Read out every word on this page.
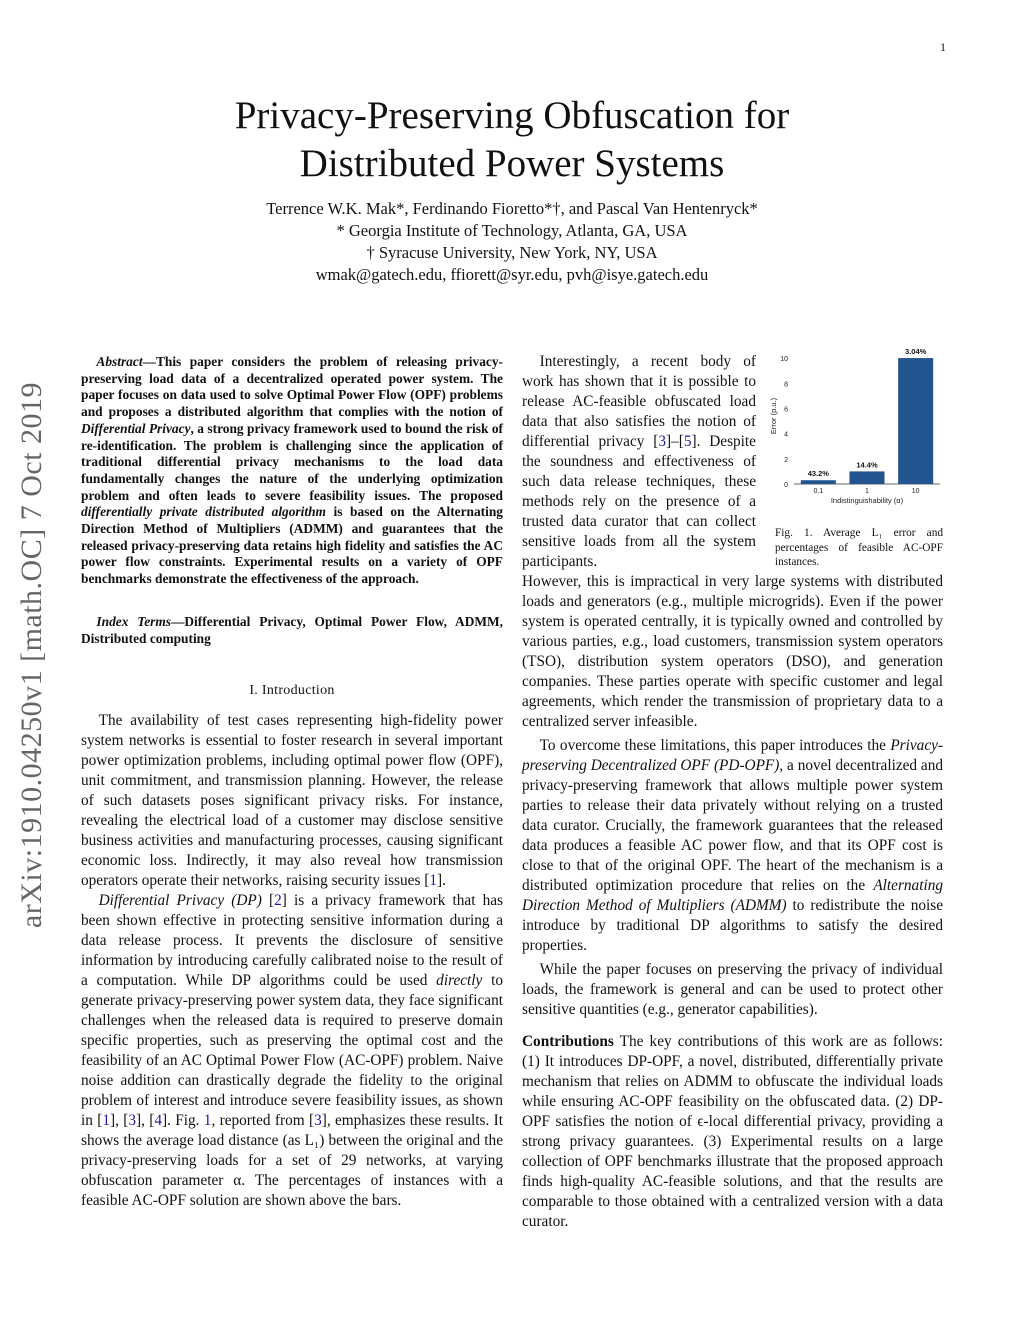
1
arXiv:1910.04250v1 [math.OC] 7 Oct 2019
Privacy-Preserving Obfuscation for
Distributed Power Systems
Terrence W.K. Mak*, Ferdinando Fioretto*†, and Pascal Van Hentenryck*
* Georgia Institute of Technology, Atlanta, GA, USA
† Syracuse University, New York, NY, USA
wmak@gatech.edu, ffiorett@syr.edu, pvh@isye.gatech.edu

Abstract—This paper considers the problem of releasing privacy-preserving load data of a decentralized operated power system. The paper focuses on data used to solve Optimal Power Flow (OPF) problems and proposes a distributed algorithm that complies with the notion of Differential Privacy, a strong privacy framework used to bound the risk of re-identification. The problem is challenging since the application of traditional differential privacy mechanisms to the load data fundamentally changes the nature of the underlying optimization problem and often leads to severe feasibility issues. The proposed differentially private distributed algorithm is based on the Alternating Direction Method of Multipliers (ADMM) and guarantees that the released privacy-preserving data retains high fidelity and satisfies the AC power flow constraints. Experimental results on a variety of OPF benchmarks demonstrate the effectiveness of the approach.

Index Terms—Differential Privacy, Optimal Power Flow, ADMM, Distributed computing

I. Introduction

The availability of test cases representing high-fidelity power system networks is essential to foster research in several important power optimization problems, including optimal power flow (OPF), unit commitment, and transmission planning. However, the release of such datasets poses significant privacy risks. For instance, revealing the electrical load of a customer may disclose sensitive business activities and manufacturing processes, causing significant economic loss. Indirectly, it may also reveal how transmission operators operate their networks, raising security issues [1].

Differential Privacy (DP) [2] is a privacy framework that has been shown effective in protecting sensitive information during a data release process. It prevents the disclosure of sensitive information by introducing carefully calibrated noise to the result of a computation. While DP algorithms could be used directly to generate privacy-preserving power system data, they face significant challenges when the released data is required to preserve domain specific properties, such as preserving the optimal cost and the feasibility of an AC Optimal Power Flow (AC-OPF) problem. Naive noise addition can drastically degrade the fidelity to the original problem of interest and introduce severe feasibility issues, as shown in [1], [3], [4]. Fig. 1, reported from [3], emphasizes these results. It shows the average load distance (as L₁) between the original and the privacy-preserving loads for a set of 29 networks, at varying obfuscation parameter α. The percentages of instances with a feasible AC-OPF solution are shown above the bars.

Interestingly, a recent body of work has shown that it is possible to release AC-feasible obfuscated load data that also satisfies the notion of differential privacy [3]–[5]. Despite the soundness and effectiveness of such data release techniques, these methods rely on the presence of a trusted data curator that can collect sensitive loads from all the system participants.

However, this is impractical in very large systems with distributed loads and generators (e.g., multiple microgrids). Even if the power system is operated centrally, it is typically owned and controlled by various parties, e.g., load customers, transmission system operators (TSO), distribution system operators (DSO), and generation companies. These parties operate with specific customer and legal agreements, which render the transmission of proprietary data to a centralized server infeasible.

To overcome these limitations, this paper introduces the Privacy-preserving Decentralized OPF (PD-OPF), a novel decentralized and privacy-preserving framework that allows multiple power system parties to release their data privately without relying on a trusted data curator. Crucially, the framework guarantees that the released data produces a feasible AC power flow, and that its OPF cost is close to that of the original OPF. The heart of the mechanism is a distributed optimization procedure that relies on the Alternating Direction Method of Multipliers (ADMM) to redistribute the noise introduce by traditional DP algorithms to satisfy the desired properties.

While the paper focuses on preserving the privacy of individual loads, the framework is general and can be used to protect other sensitive quantities (e.g., generator capabilities).

Contributions The key contributions of this work are as follows: (1) It introduces DP-OPF, a novel, distributed, differentially private mechanism that relies on ADMM to obfuscate the individual loads while ensuring AC-OPF feasibility on the obfuscated data. (2) DP-OPF satisfies the notion of ϵ-local differential privacy, providing a strong privacy guarantees. (3) Experimental results on a large collection of OPF benchmarks illustrate that the proposed approach finds high-quality AC-feasible solutions, and that the results are comparable to those obtained with a centralized version with a data curator.

0
2
4
6
8
10
Error (p.u.)
43.2%
0.1
14.4%
1
3.04%
10
Indistinguishability (α)
Fig. 1. Average L₁ error and percentages of feasible AC-OPF instances.
